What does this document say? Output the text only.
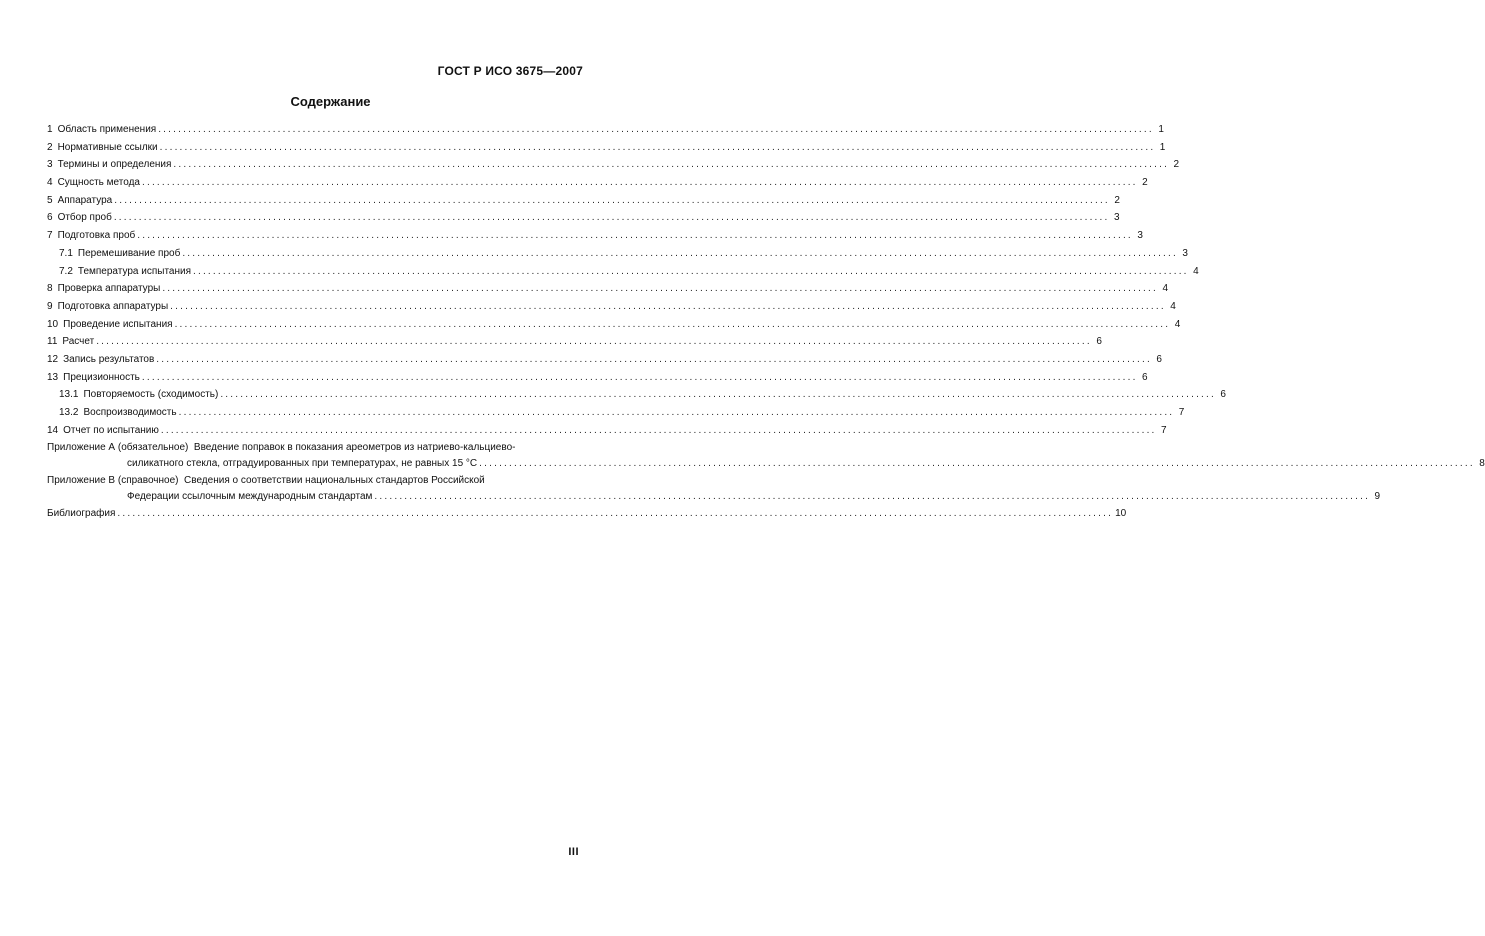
ГОСТ Р ИСО 3675—2007
Содержание
1 Область применения ........................................................................................................................................................................................................ 1
2 Нормативные ссылки ........................................................................................................................................................................................................ 1
3 Термины и определения ........................................................................................................................................................................................................ 2
4 Сущность метода ........................................................................................................................................................................................................ 2
5 Аппаратура ........................................................................................................................................................................................................ 2
6 Отбор проб ........................................................................................................................................................................................................ 3
7 Подготовка проб ........................................................................................................................................................................................................ 3
7.1 Перемешивание проб ........................................................................................................................................................................................................ 3
7.2 Температура испытания ........................................................................................................................................................................................................ 4
8 Проверка аппаратуры ........................................................................................................................................................................................................ 4
9 Подготовка аппаратуры ........................................................................................................................................................................................................ 4
10 Проведение испытания ........................................................................................................................................................................................................ 4
11 Расчет ........................................................................................................................................................................................................ 6
12 Запись результатов ........................................................................................................................................................................................................ 6
13 Прецизионность ........................................................................................................................................................................................................ 6
13.1 Повторяемость (сходимость) ........................................................................................................................................................................................................ 6
13.2 Воспроизводимость ........................................................................................................................................................................................................ 7
14 Отчет по испытанию ........................................................................................................................................................................................................ 7
Приложение А (обязательное) Введение поправок в показания ареометров из натриево-кальциево-
силикатного стекла, отградуированных при температурах, не равных 15 °С ........................................................................................................................................................................................................ 8
Приложение В (справочное) Сведения о соответствии национальных стандартов Российской
Федерации ссылочным международным стандартам ........................................................................................................................................................................................................ 9
Библиография ........................................................................................................................................................................................................ 10
III
